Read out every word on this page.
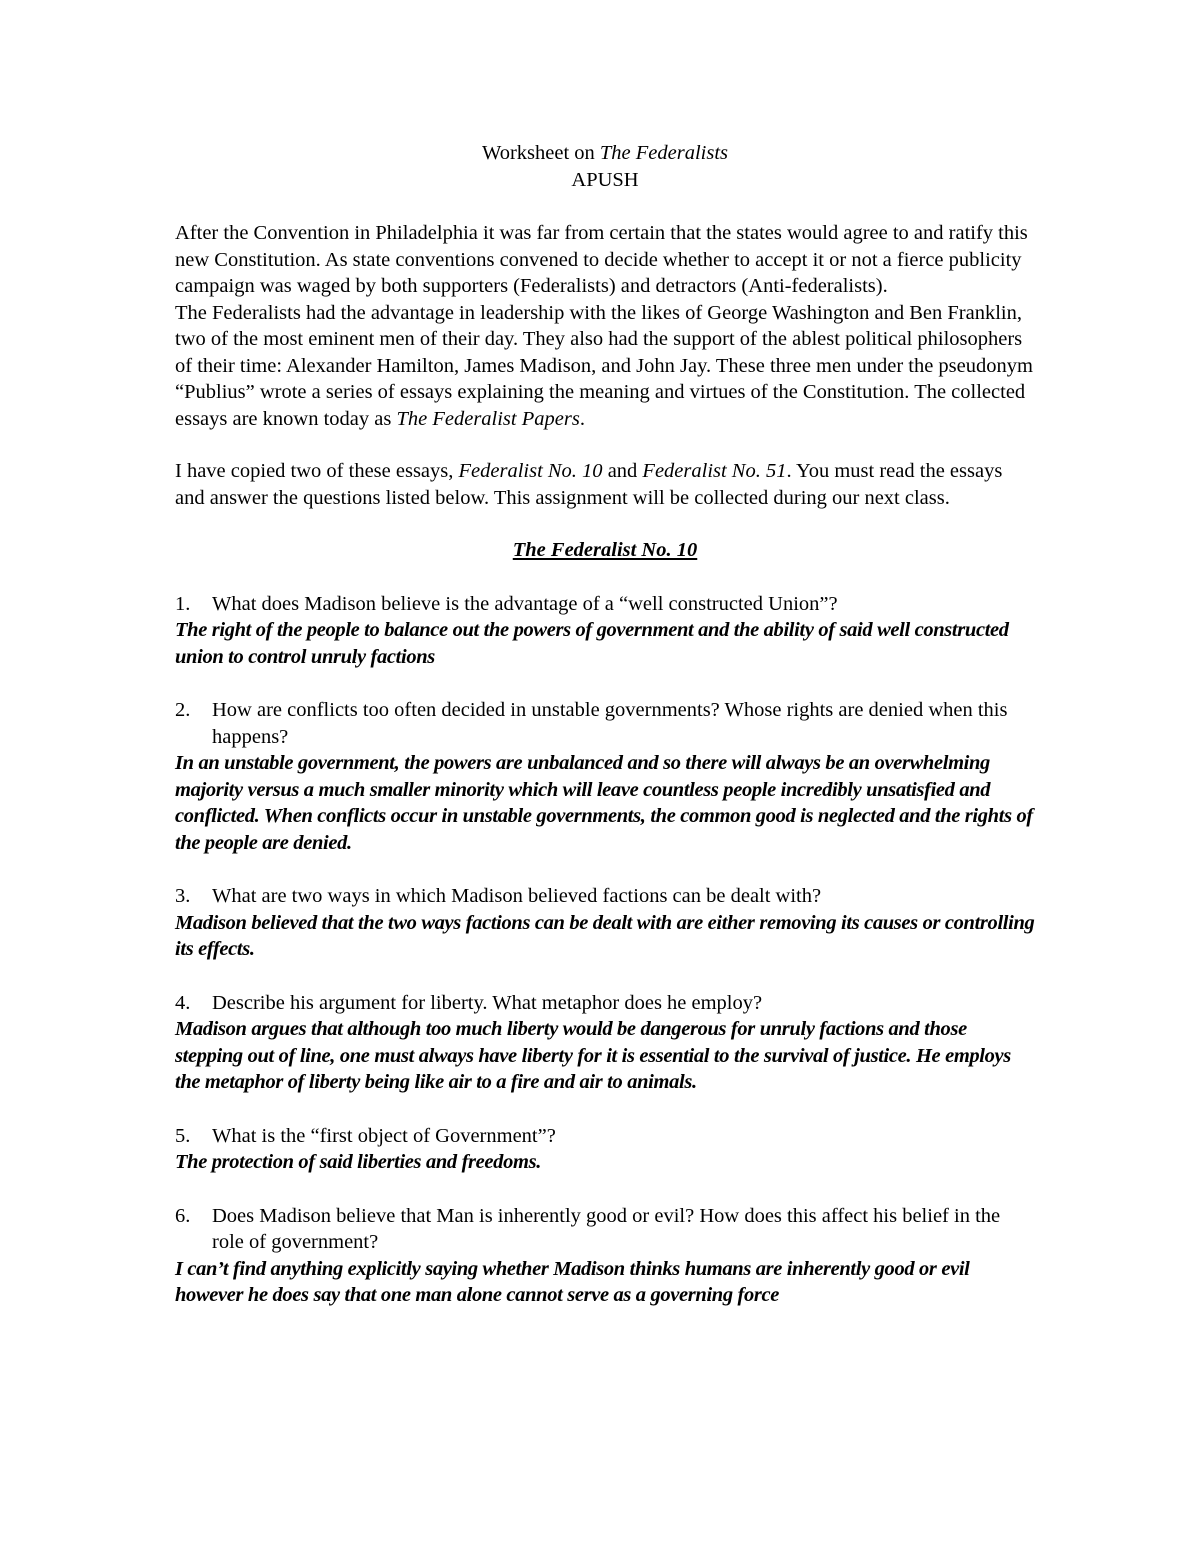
Worksheet on The Federalists
APUSH

After the Convention in Philadelphia it was far from certain that the states would agree to and ratify this new Constitution. As state conventions convened to decide whether to accept it or not a fierce publicity campaign was waged by both supporters (Federalists) and detractors (Anti-federalists).

The Federalists had the advantage in leadership with the likes of George Washington and Ben Franklin, two of the most eminent men of their day. They also had the support of the ablest political philosophers of their time: Alexander Hamilton, James Madison, and John Jay. These three men under the pseudonym “Publius” wrote a series of essays explaining the meaning and virtues of the Constitution. The collected essays are known today as The Federalist Papers.

I have copied two of these essays, Federalist No. 10 and Federalist No. 51. You must read the essays and answer the questions listed below. This assignment will be collected during our next class.

The Federalist No. 10
1.	What does Madison believe is the advantage of a “well constructed Union”?

The right of the people to balance out the powers of government and the ability of said well constructed union to control unruly factions

2.	How are conflicts too often decided in unstable governments? Whose rights are denied when this happens?

In an unstable government, the powers are unbalanced and so there will always be an overwhelming majority versus a much smaller minority which will leave countless people incredibly unsatisfied and conflicted. When conflicts occur in unstable governments, the common good is neglected and the rights of the people are denied.

3.	What are two ways in which Madison believed factions can be dealt with?

Madison believed that the two ways factions can be dealt with are either removing its causes or controlling its effects.

4.	Describe his argument for liberty. What metaphor does he employ?

Madison argues that although too much liberty would be dangerous for unruly factions and those stepping out of line, one must always have liberty for it is essential to the survival of justice. He employs the metaphor of liberty being like air to a fire and air to animals.

5.	What is the “first object of Government”?

The protection of said liberties and freedoms.

6.	Does Madison believe that Man is inherently good or evil? How does this affect his belief in the role of government?

I can’t find anything explicitly saying whether Madison thinks humans are inherently good or evil however he does say that one man alone cannot serve as a governing force
